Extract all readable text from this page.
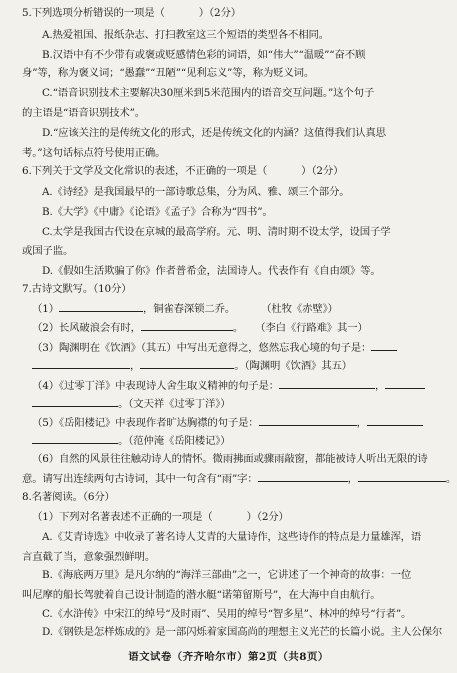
5.下列选项分析错误的一项是（	）（2分）
A.热爱祖国、报纸杂志、打扫教室这三个短语的类型各不相同。
B.汉语中有不少带有或褒或贬感情色彩的词语，如“伟大”“温暖”“奋不顾
身”等，称为褒义词；“愚蠢”“丑陋”“见利忘义”等，称为贬义词。
C.“语音识别技术主要解决30厘米到5米范围内的语音交互问题。”这个句子
的主语是“语音识别技术”。
D.“应该关注的是传统文化的形式，还是传统文化的内涵？这值得我们认真思
考。”这句话标点符号使用正确。
6.下列关于文学及文化常识的表述，不正确的一项是（	）（2分）
A.《诗经》是我国最早的一部诗歌总集，分为风、雅、颂三个部分。
B.《大学》《中庸》《论语》《孟子》合称为“四书”。
C.太学是我国古代设在京城的最高学府。元、明、清时期不设太学，设国子学
或国子监。
D.《假如生活欺骗了你》作者普希金，法国诗人。代表作有《自由颂》等。
7.古诗文默写。（10分）
（1）	，铜雀春深锁二乔。	（杜牧《赤壁》）
（2）长风破浪会有时，	。 （李白《行路难》其一）
（3）陶渊明在《饮酒》（其五）中写出无意得之，悠然忘我心境的句子是：
，	。（陶渊明《饮酒》其五）
（4）《过零丁洋》中表现诗人舍生取义精神的句子是：	，
。（文天祥《过零丁洋》）
（5）《岳阳楼记》中表现作者旷达胸襟的句子是：	，
。（范仲淹《岳阳楼记》）
（6）自然的风景往往触动诗人的情怀。微雨拂面或骤雨敲窗，都能被诗人听出无限的诗
意。请写出连续两句古诗词，其中一句含有“雨”字：	，	。
8.名著阅读。（6分）
（1）下列对名著表述不正确的一项是（	）（2分）
A.《艾青诗选》中收录了著名诗人艾青的大量诗作，这些诗作的特点是力量雄浑，语
言直截了当，意象强烈鲜明。
B.《海底两万里》是凡尔纳的“海洋三部曲”之一，它讲述了一个神奇的故事：一位
叫尼摩的船长驾驶着自己设计制造的潜水艇“诺第留斯号”，在大海中自由航行。
C.《水浒传》中宋江的绰号“及时雨”、吴用的绰号“智多星”、林冲的绰号“行者”。
D.《钢铁是怎样炼成的》是一部闪烁着家国高尚的理想主义光芒的长篇小说。主人公保尔
语文试卷（齐齐哈尔市）第2页（共8页）
